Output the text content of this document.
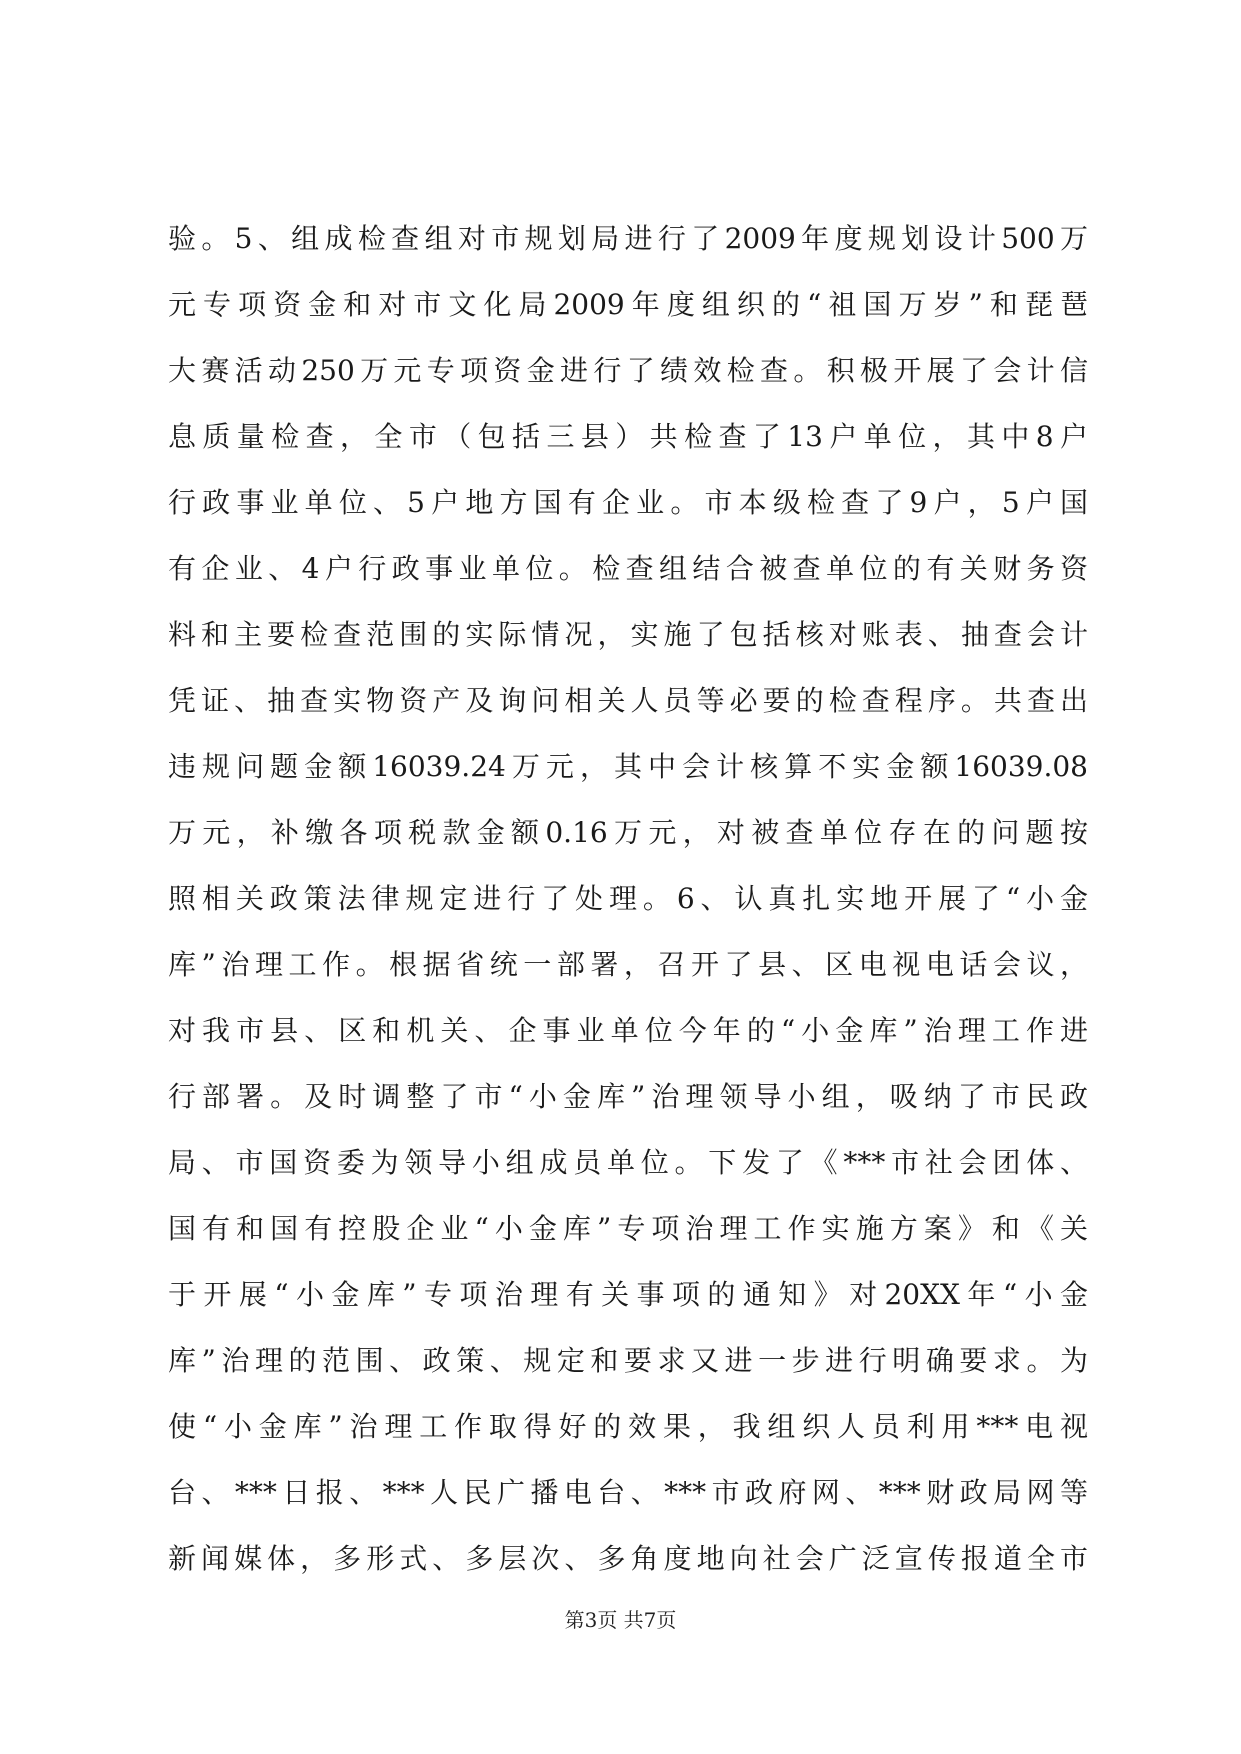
验。5、组成检查组对市规划局进行了2009年度规划设计500万
元专项资金和对市文化局2009年度组织的“祖国万岁”和琵琶
大赛活动250万元专项资金进行了绩效检查。积极开展了会计信
息质量检查，全市（包括三县）共检查了13户单位，其中8户
行政事业单位、5户地方国有企业。市本级检查了9户，5户国
有企业、4户行政事业单位。检查组结合被查单位的有关财务资
料和主要检查范围的实际情况，实施了包括核对账表、抽查会计
凭证、抽查实物资产及询问相关人员等必要的检查程序。共查出
违规问题金额16039.24万元，其中会计核算不实金额16039.08
万元，补缴各项税款金额0.16万元，对被查单位存在的问题按
照相关政策法律规定进行了处理。6、认真扎实地开展了“小金
库”治理工作。根据省统一部署，召开了县、区电视电话会议，
对我市县、区和机关、企事业单位今年的“小金库”治理工作进
行部署。及时调整了市“小金库”治理领导小组，吸纳了市民政
局、市国资委为领导小组成员单位。下发了《***市社会团体、
国有和国有控股企业“小金库”专项治理工作实施方案》和《关
于开展“小金库”专项治理有关事项的通知》对20XX年“小金
库”治理的范围、政策、规定和要求又进一步进行明确要求。为
使“小金库”治理工作取得好的效果，我组织人员利用***电视
台、***日报、***人民广播电台、***市政府网、***财政局网等
新闻媒体，多形式、多层次、多角度地向社会广泛宣传报道全市
第3页 共7页
